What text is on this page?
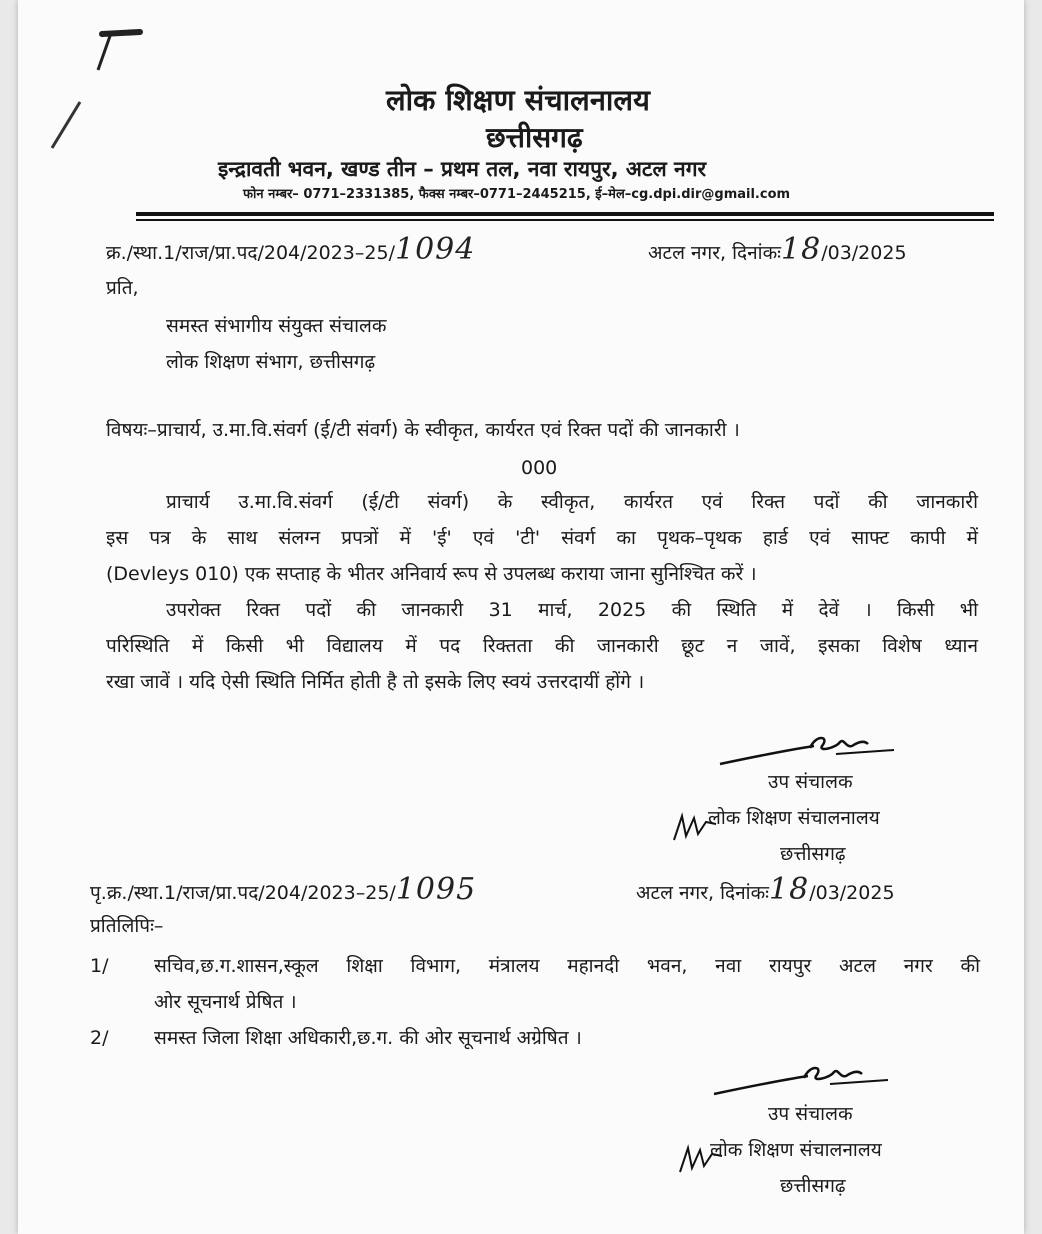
लोक शिक्षण संचालनालय
छत्तीसगढ़
इन्द्रावती भवन, खण्ड तीन – प्रथम तल, नवा रायपुर, अटल नगर
फोन नम्बर– 0771–2331385, फैक्स नम्बर–0771–2445215, ई–मेल–cg.dpi.dir@gmail.com
क्र./स्था.1/राज/प्रा.पद/204/2023–25/1094	अटल नगर, दिनांकः18/03/2025
प्रति,
समस्त संभागीय संयुक्त संचालक
लोक शिक्षण संभाग, छत्तीसगढ़
विषयः–प्राचार्य, उ.मा.वि.संवर्ग (ई/टी संवर्ग) के स्वीकृत, कार्यरत एवं रिक्त पदों की जानकारी ।
000
प्राचार्य उ.मा.वि.संवर्ग (ई/टी संवर्ग) के स्वीकृत, कार्यरत एवं रिक्त पदों की जानकारी
इस पत्र के साथ संलग्न प्रपत्रों में 'ई' एवं 'टी' संवर्ग का पृथक–पृथक हार्ड एवं साफ्ट कापी में
(Devleys 010) एक सप्ताह के भीतर अनिवार्य रूप से उपलब्ध कराया जाना सुनिश्चित करें ।
उपरोक्त रिक्त पदों की जानकारी 31 मार्च, 2025 की स्थिति में देवें । किसी भी
परिस्थिति में किसी भी विद्यालय में पद रिक्तता की जानकारी छूट न जावें, इसका विशेष ध्यान
रखा जावें । यदि ऐसी स्थिति निर्मित होती है तो इसके लिए स्वयं उत्तरदायीं होंगे ।
उप संचालक
लोक शिक्षण संचालनालय
छत्तीसगढ़
पृ.क्र./स्था.1/राज/प्रा.पद/204/2023–25/1095	अटल नगर, दिनांकः18/03/2025
प्रतिलिपिः–
1/ सचिव,छ.ग.शासन,स्कूल शिक्षा विभाग, मंत्रालय महानदी भवन, नवा रायपुर अटल नगर की
ओर सूचनार्थ प्रेषित ।
2/ समस्त जिला शिक्षा अधिकारी,छ.ग. की ओर सूचनार्थ अग्रेषित ।
उप संचालक
लोक शिक्षण संचालनालय
छत्तीसगढ़
